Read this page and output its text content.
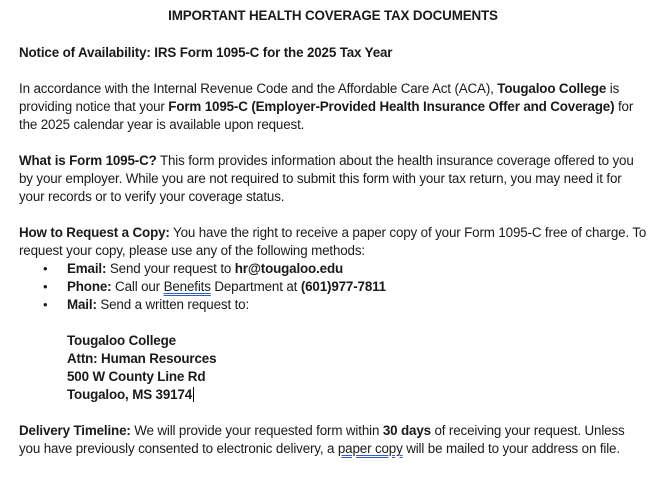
IMPORTANT HEALTH COVERAGE TAX DOCUMENTS

Notice of Availability: IRS Form 1095-C for the 2025 Tax Year

In accordance with the Internal Revenue Code and the Affordable Care Act (ACA), Tougaloo College is providing notice that your Form 1095-C (Employer-Provided Health Insurance Offer and Coverage) for the 2025 calendar year is available upon request.

What is Form 1095-C? This form provides information about the health insurance coverage offered to you by your employer. While you are not required to submit this form with your tax return, you may need it for your records or to verify your coverage status.

How to Request a Copy: You have the right to receive a paper copy of your Form 1095-C free of charge. To request your copy, please use any of the following methods:

• Email: Send your request to hr@tougaloo.edu
• Phone: Call our Benefits Department at (601)977-7811
• Mail: Send a written request to:
Tougaloo College
Attn: Human Resources
500 W County Line Rd
Tougaloo, MS 39174

Delivery Timeline: We will provide your requested form within 30 days of receiving your request. Unless you have previously consented to electronic delivery, a paper copy will be mailed to your address on file.
